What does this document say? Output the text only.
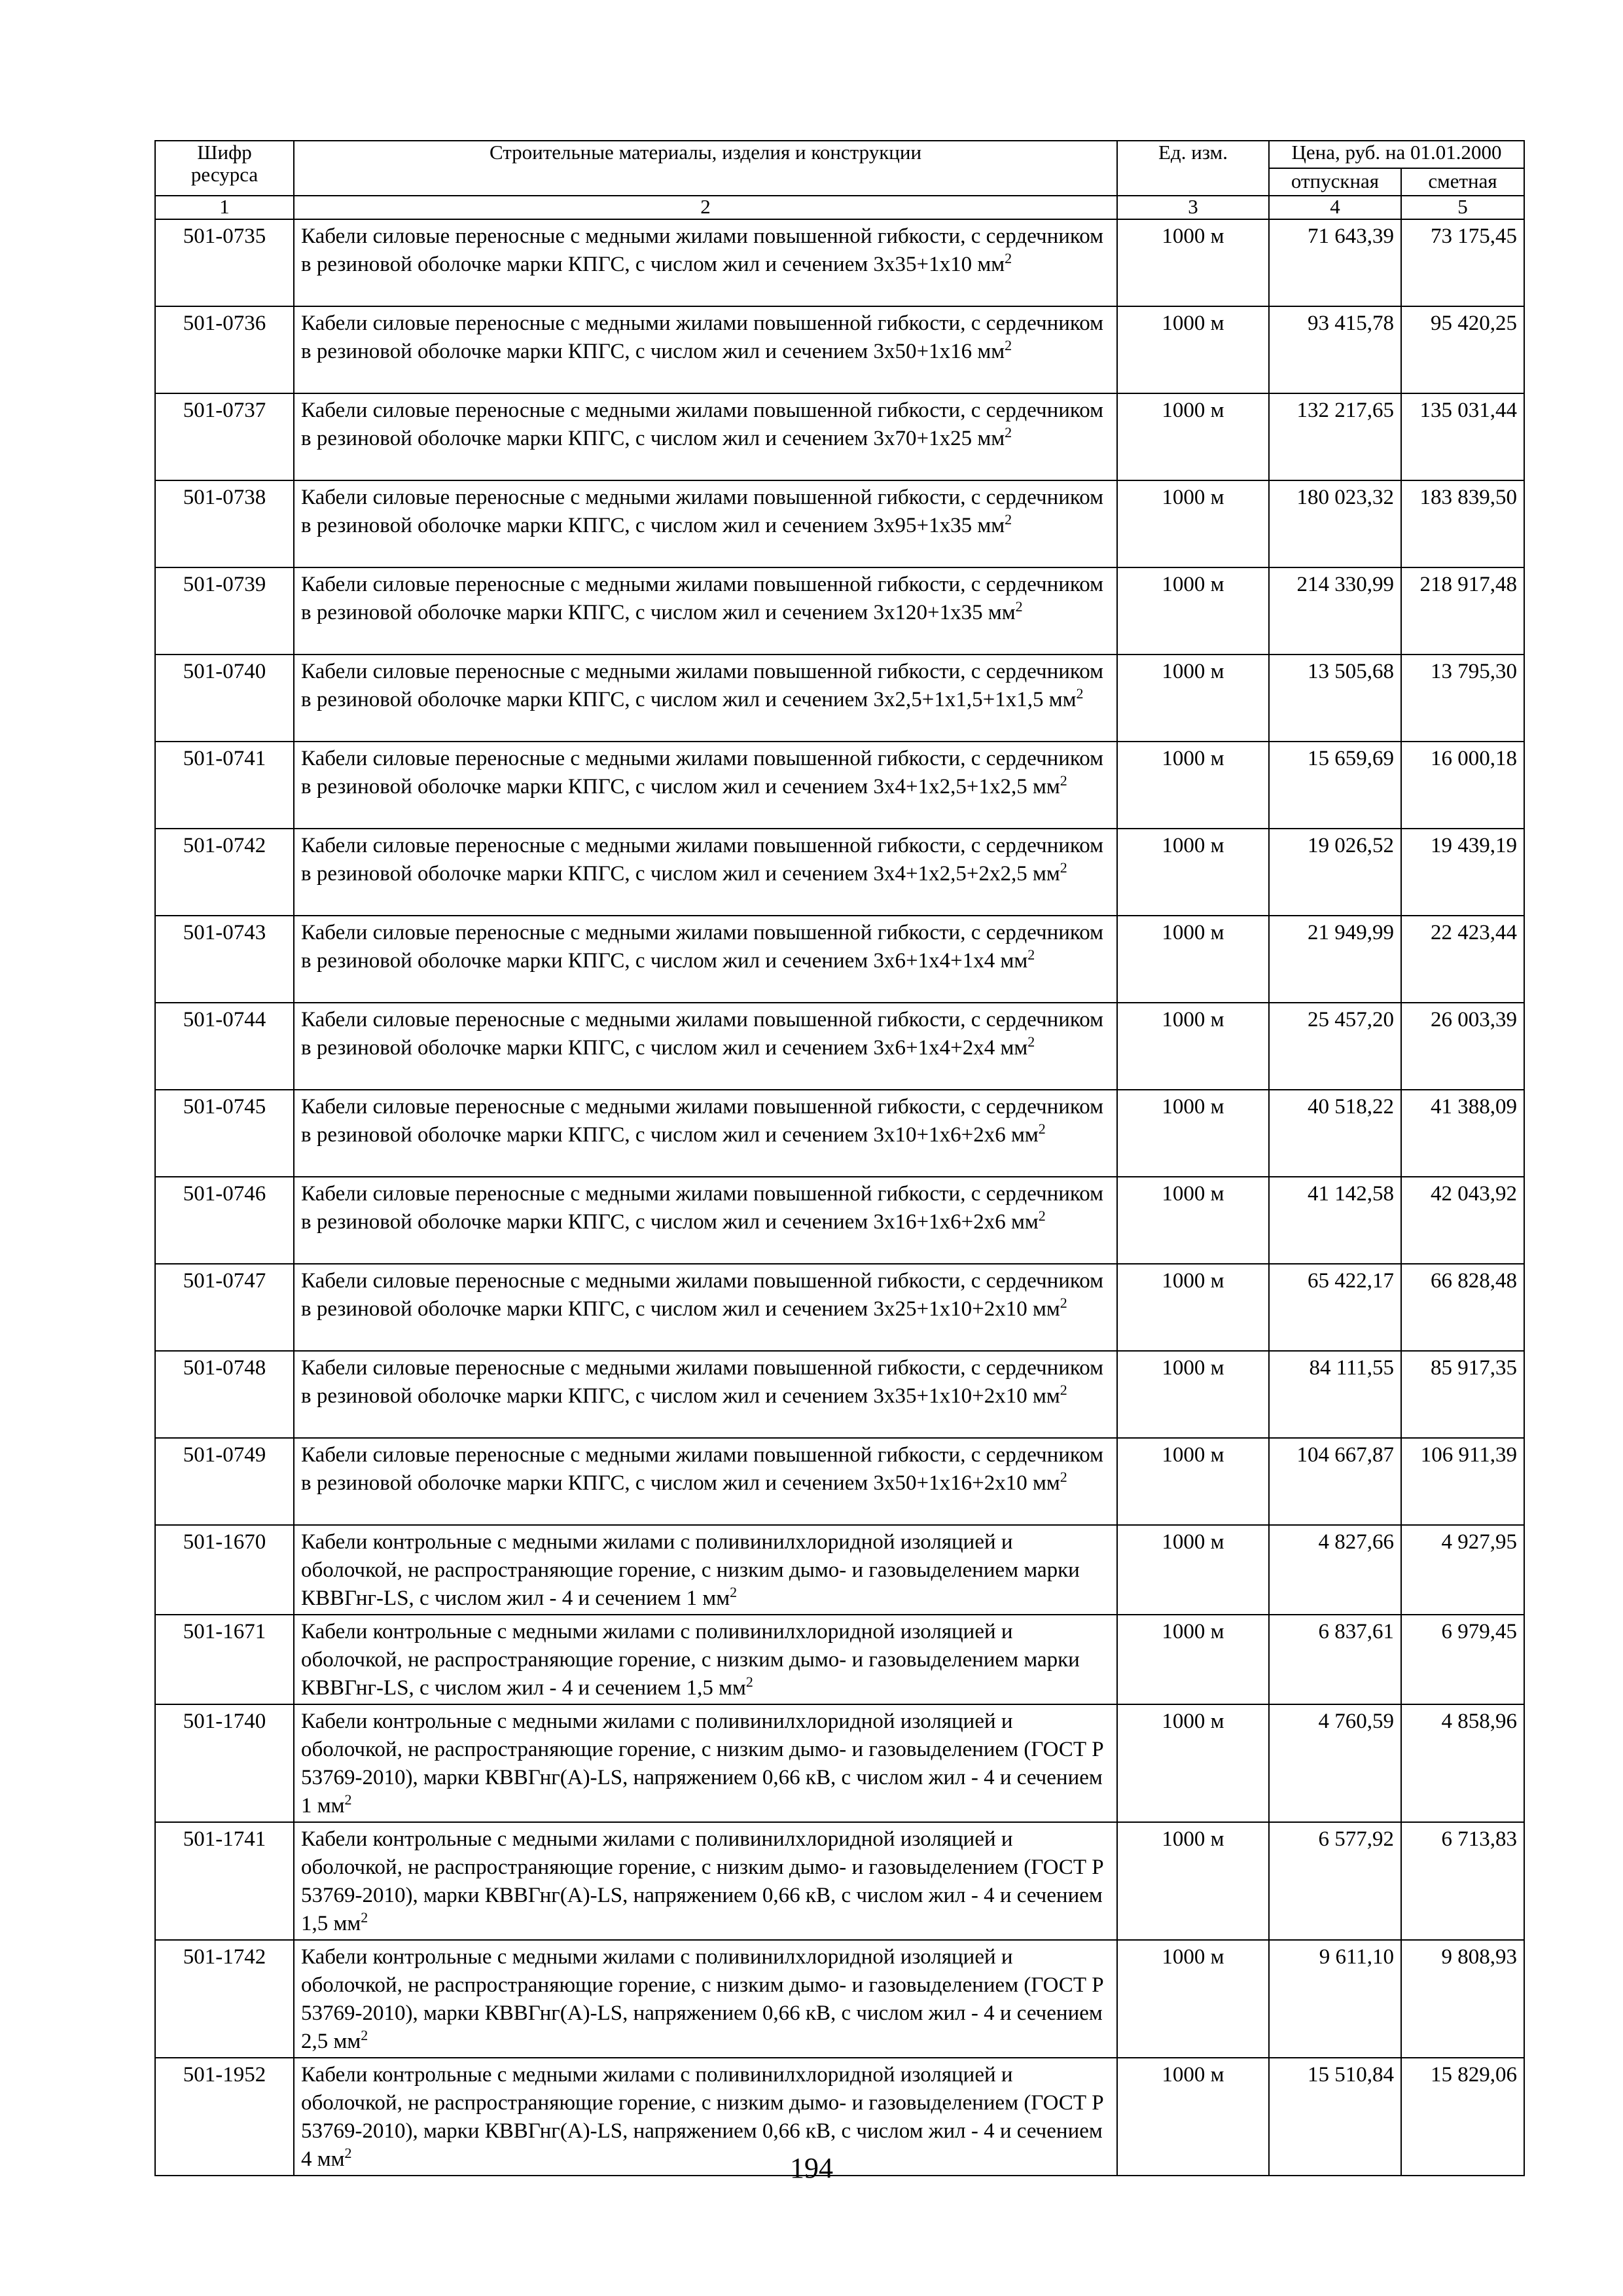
Шифр ресурса	Строительные материалы, изделия и конструкции	Ед. изм.	Цена, руб. на 01.01.2000	
			отпускная	сметная
1	2	3	4	5
501-0735	Кабели силовые переносные с медными жилами повышенной гибкости, с сердечником в резиновой оболочке марки КПГС, с числом жил и сечением 3х35+1х10 $мм^2$	1000 м	71 643,39	73 175,45
501-0736	Кабели силовые переносные с медными жилами повышенной гибкости, с сердечником в резиновой оболочке марки КПГС, с числом жил и сечением 3х50+1х16 $мм^2$	1000 м	93 415,78	95 420,25
501-0737	Кабели силовые переносные с медными жилами повышенной гибкости, с сердечником в резиновой оболочке марки КПГС, с числом жил и сечением 3х70+1х25 $мм^2$	1000 м	132 217,65	135 031,44
501-0738	Кабели силовые переносные с медными жилами повышенной гибкости, с сердечником в резиновой оболочке марки КПГС, с числом жил и сечением 3х95+1х35 $мм^2$	1000 м	180 023,32	183 839,50
501-0739	Кабели силовые переносные с медными жилами повышенной гибкости, с сердечником в резиновой оболочке марки КПГС, с числом жил и сечением 3х120+1х35 $мм^2$	1000 м	214 330,99	218 917,48
501-0740	Кабели силовые переносные с медными жилами повышенной гибкости, с сердечником в резиновой оболочке марки КПГС, с числом жил и сечением 3х2,5+1х1,5+1х1,5 $мм^2$	1000 м	13 505,68	13 795,30
501-0741	Кабели силовые переносные с медными жилами повышенной гибкости, с сердечником в резиновой оболочке марки КПГС, с числом жил и сечением 3х4+1х2,5+1х2,5 $мм^2$	1000 м	15 659,69	16 000,18
501-0742	Кабели силовые переносные с медными жилами повышенной гибкости, с сердечником в резиновой оболочке марки КПГС, с числом жил и сечением 3х4+1х2,5+2х2,5 $мм^2$	1000 м	19 026,52	19 439,19
501-0743	Кабели силовые переносные с медными жилами повышенной гибкости, с сердечником в резиновой оболочке марки КПГС, с числом жил и сечением 3х6+1х4+1х4 $мм^2$	1000 м	21 949,99	22 423,44
501-0744	Кабели силовые переносные с медными жилами повышенной гибкости, с сердечником в резиновой оболочке марки КПГС, с числом жил и сечением 3х6+1х4+2х4 $мм^2$	1000 м	25 457,20	26 003,39
501-0745	Кабели силовые переносные с медными жилами повышенной гибкости, с сердечником в резиновой оболочке марки КПГС, с числом жил и сечением 3х10+1х6+2х6 $мм^2$	1000 м	40 518,22	41 388,09
501-0746	Кабели силовые переносные с медными жилами повышенной гибкости, с сердечником в резиновой оболочке марки КПГС, с числом жил и сечением 3х16+1х6+2х6 $мм^2$	1000 м	41 142,58	42 043,92
501-0747	Кабели силовые переносные с медными жилами повышенной гибкости, с сердечником в резиновой оболочке марки КПГС, с числом жил и сечением 3х25+1х10+2х10 $мм^2$	1000 м	65 422,17	66 828,48
501-0748	Кабели силовые переносные с медными жилами повышенной гибкости, с сердечником в резиновой оболочке марки КПГС, с числом жил и сечением 3х35+1х10+2х10 $мм^2$	1000 м	84 111,55	85 917,35
501-0749	Кабели силовые переносные с медными жилами повышенной гибкости, с сердечником в резиновой оболочке марки КПГС, с числом жил и сечением 3х50+1х16+2х10 $мм^2$	1000 м	104 667,87	106 911,39
501-1670	Кабели контрольные с медными жилами с поливинилхлоридной изоляцией и оболочкой, не распространяющие горение, с низким дымо- и газовыделением марки КВВГнг-LS, с числом жил - 4 и сечением 1 $мм^2$	1000 м	4 827,66	4 927,95
501-1671	Кабели контрольные с медными жилами с поливинилхлоридной изоляцией и оболочкой, не распространяющие горение, с низким дымо- и газовыделением марки КВВГнг-LS, с числом жил - 4 и сечением 1,5 $мм^2$	1000 м	6 837,61	6 979,45
501-1740	Кабели контрольные с медными жилами с поливинилхлоридной изоляцией и оболочкой, не распространяющие горение, с низким дымо- и газовыделением (ГОСТ Р 53769-2010), марки КВВГнг(А)-LS, напряжением 0,66 кВ, с числом жил - 4 и сечением 1 $мм^2$	1000 м	4 760,59	4 858,96
501-1741	Кабели контрольные с медными жилами с поливинилхлоридной изоляцией и оболочкой, не распространяющие горение, с низким дымо- и газовыделением (ГОСТ Р 53769-2010), марки КВВГнг(А)-LS, напряжением 0,66 кВ, с числом жил - 4 и сечением 1,5 $мм^2$	1000 м	6 577,92	6 713,83
501-1742	Кабели контрольные с медными жилами с поливинилхлоридной изоляцией и оболочкой, не распространяющие горение, с низким дымо- и газовыделением (ГОСТ Р 53769-2010), марки КВВГнг(А)-LS, напряжением 0,66 кВ, с числом жил - 4 и сечением 2,5 $мм^2$	1000 м	9 611,10	9 808,93
501-1952	Кабели контрольные с медными жилами с поливинилхлоридной изоляцией и оболочкой, не распространяющие горение, с низким дымо- и газовыделением (ГОСТ Р 53769-2010), марки КВВГнг(А)-LS, напряжением 0,66 кВ, с числом жил - 4 и сечением 4 $мм^2$	1000 м	15 510,84	15 829,06
194
